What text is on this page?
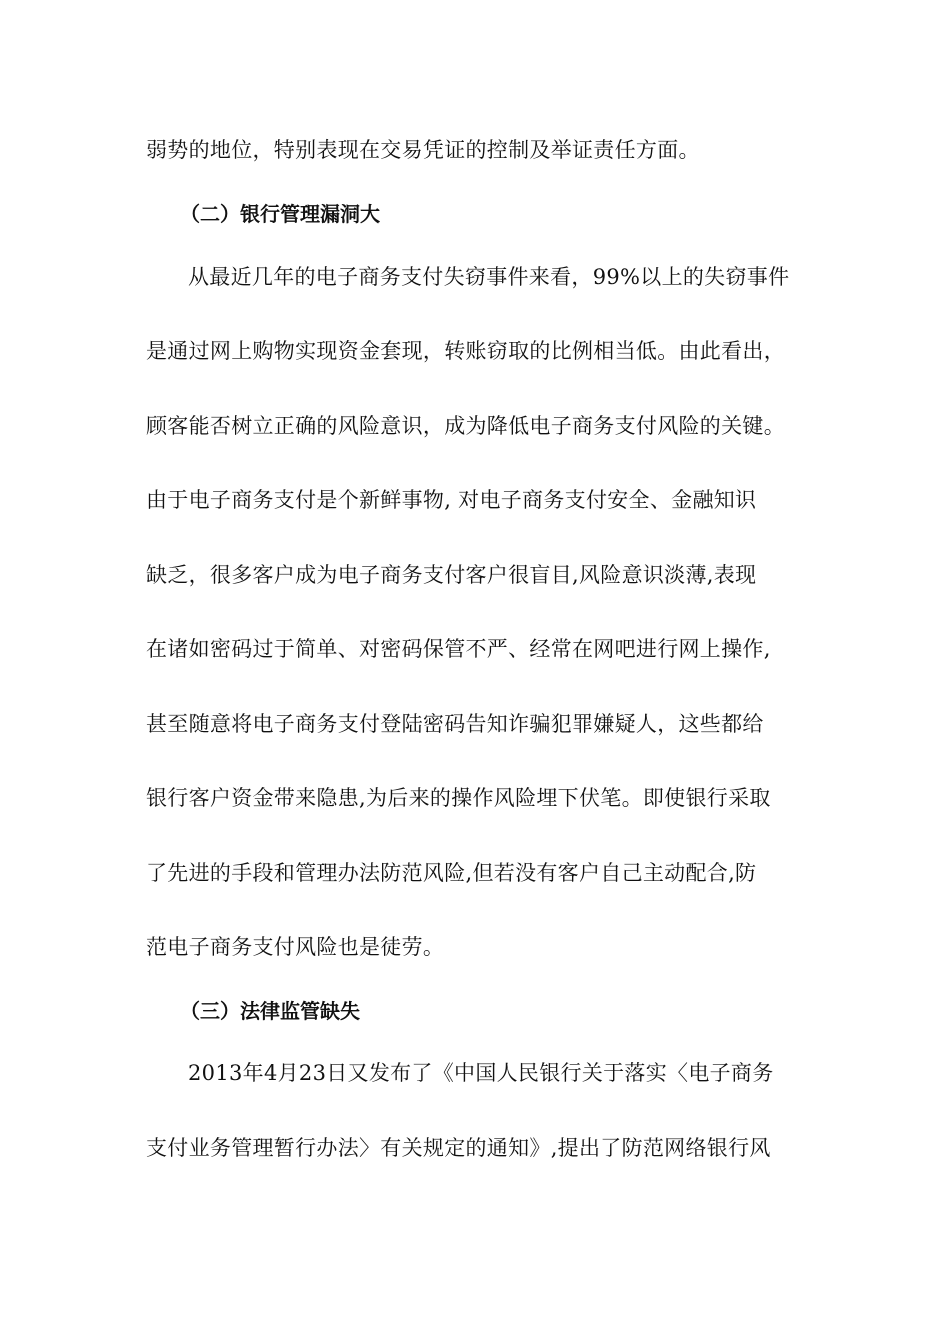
弱势的地位，特别表现在交易凭证的控制及举证责任方面。
（二）银行管理漏洞大
从最近几年的电子商务支付失窃事件来看，99%以上的失窃事件
是通过网上购物实现资金套现，转账窃取的比例相当低。由此看出，
顾客能否树立正确的风险意识，成为降低电子商务支付风险的关键。
由于电子商务支付是个新鲜事物, 对电子商务支付安全、金融知识
缺乏，很多客户成为电子商务支付客户很盲目,风险意识淡薄,表现
在诸如密码过于简单、对密码保管不严、经常在网吧进行网上操作,
甚至随意将电子商务支付登陆密码告知诈骗犯罪嫌疑人，这些都给
银行客户资金带来隐患,为后来的操作风险埋下伏笔。即使银行采取
了先进的手段和管理办法防范风险,但若没有客户自己主动配合,防
范电子商务支付风险也是徒劳。
（三）法律监管缺失
2013年4月23日又发布了《中国人民银行关于落实〈电子商务
支付业务管理暂行办法〉有关规定的通知》,提出了防范网络银行风
